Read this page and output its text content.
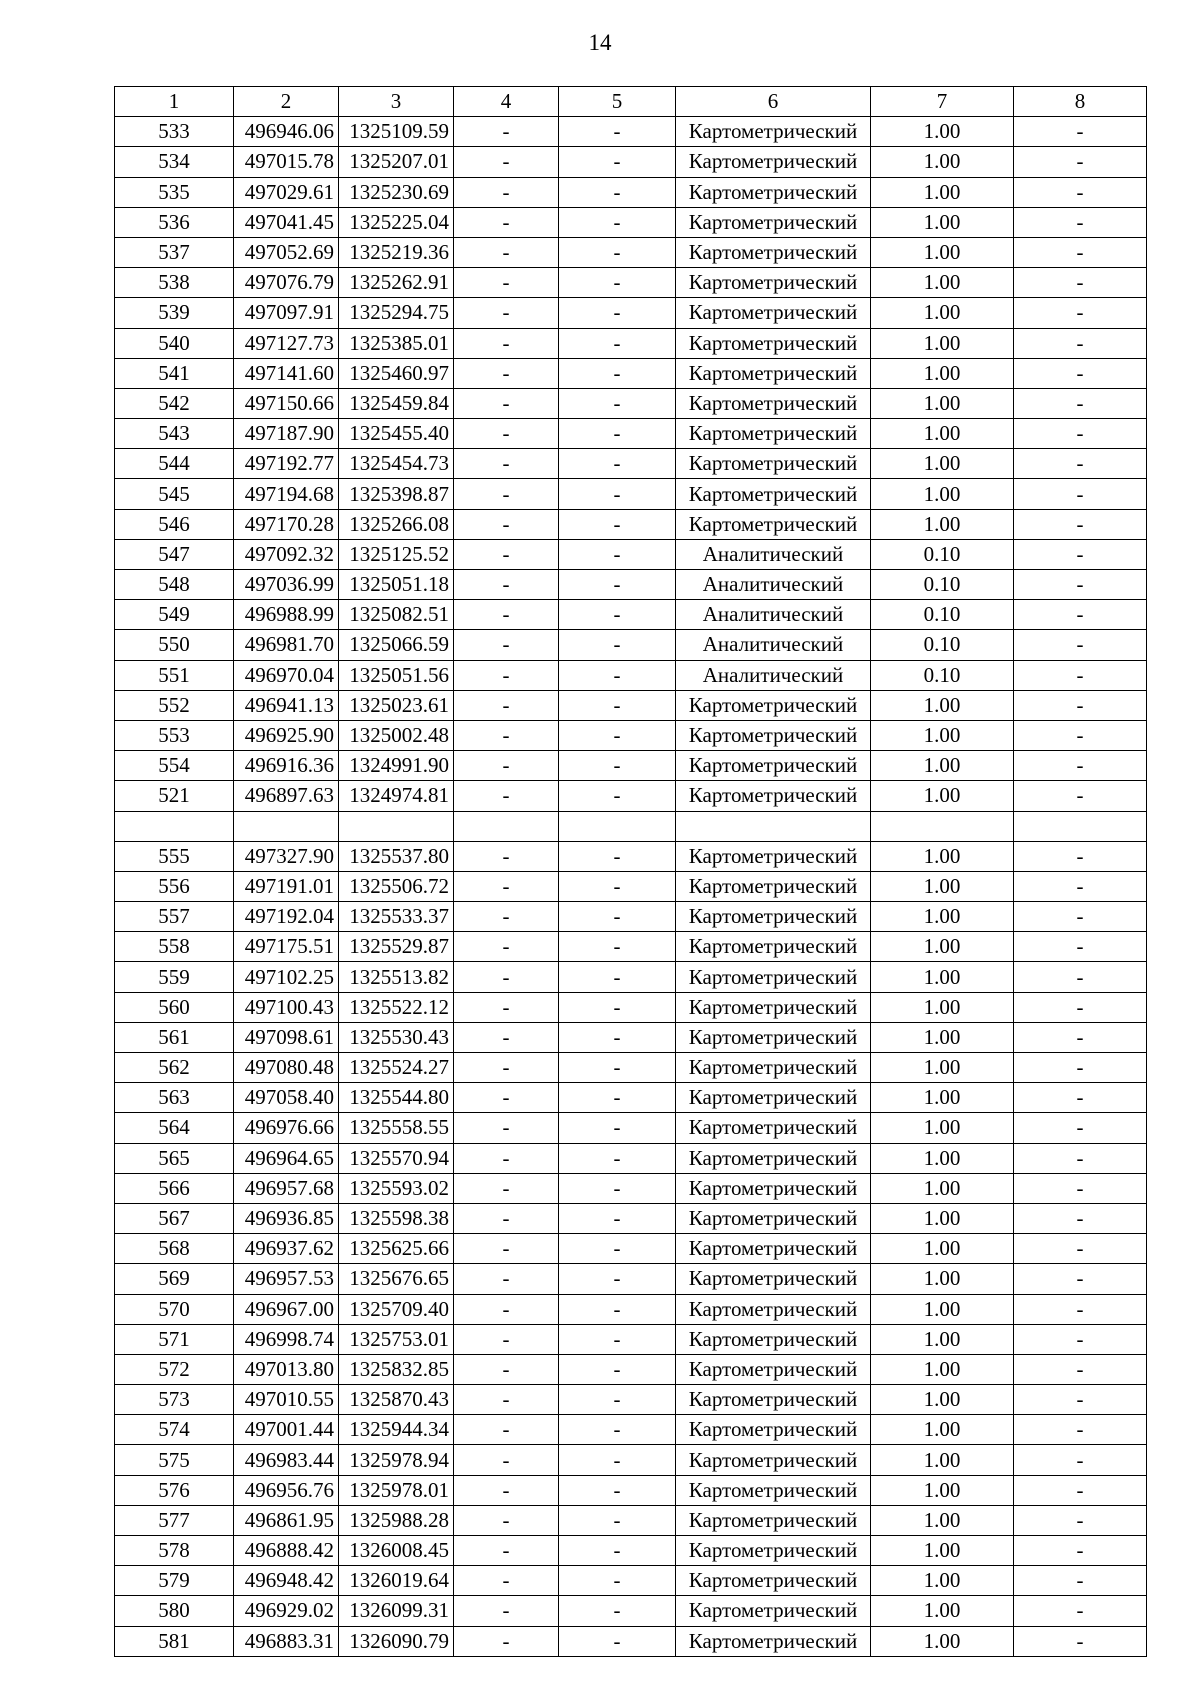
14
1	2	3	4	5	6	7	8
533	496946.06	1325109.59	-	-	Картометрический	1.00	-
534	497015.78	1325207.01	-	-	Картометрический	1.00	-
535	497029.61	1325230.69	-	-	Картометрический	1.00	-
536	497041.45	1325225.04	-	-	Картометрический	1.00	-
537	497052.69	1325219.36	-	-	Картометрический	1.00	-
538	497076.79	1325262.91	-	-	Картометрический	1.00	-
539	497097.91	1325294.75	-	-	Картометрический	1.00	-
540	497127.73	1325385.01	-	-	Картометрический	1.00	-
541	497141.60	1325460.97	-	-	Картометрический	1.00	-
542	497150.66	1325459.84	-	-	Картометрический	1.00	-
543	497187.90	1325455.40	-	-	Картометрический	1.00	-
544	497192.77	1325454.73	-	-	Картометрический	1.00	-
545	497194.68	1325398.87	-	-	Картометрический	1.00	-
546	497170.28	1325266.08	-	-	Картометрический	1.00	-
547	497092.32	1325125.52	-	-	Аналитический	0.10	-
548	497036.99	1325051.18	-	-	Аналитический	0.10	-
549	496988.99	1325082.51	-	-	Аналитический	0.10	-
550	496981.70	1325066.59	-	-	Аналитический	0.10	-
551	496970.04	1325051.56	-	-	Аналитический	0.10	-
552	496941.13	1325023.61	-	-	Картометрический	1.00	-
553	496925.90	1325002.48	-	-	Картометрический	1.00	-
554	496916.36	1324991.90	-	-	Картометрический	1.00	-
521	496897.63	1324974.81	-	-	Картометрический	1.00	-

555	497327.90	1325537.80	-	-	Картометрический	1.00	-
556	497191.01	1325506.72	-	-	Картометрический	1.00	-
557	497192.04	1325533.37	-	-	Картометрический	1.00	-
558	497175.51	1325529.87	-	-	Картометрический	1.00	-
559	497102.25	1325513.82	-	-	Картометрический	1.00	-
560	497100.43	1325522.12	-	-	Картометрический	1.00	-
561	497098.61	1325530.43	-	-	Картометрический	1.00	-
562	497080.48	1325524.27	-	-	Картометрический	1.00	-
563	497058.40	1325544.80	-	-	Картометрический	1.00	-
564	496976.66	1325558.55	-	-	Картометрический	1.00	-
565	496964.65	1325570.94	-	-	Картометрический	1.00	-
566	496957.68	1325593.02	-	-	Картометрический	1.00	-
567	496936.85	1325598.38	-	-	Картометрический	1.00	-
568	496937.62	1325625.66	-	-	Картометрический	1.00	-
569	496957.53	1325676.65	-	-	Картометрический	1.00	-
570	496967.00	1325709.40	-	-	Картометрический	1.00	-
571	496998.74	1325753.01	-	-	Картометрический	1.00	-
572	497013.80	1325832.85	-	-	Картометрический	1.00	-
573	497010.55	1325870.43	-	-	Картометрический	1.00	-
574	497001.44	1325944.34	-	-	Картометрический	1.00	-
575	496983.44	1325978.94	-	-	Картометрический	1.00	-
576	496956.76	1325978.01	-	-	Картометрический	1.00	-
577	496861.95	1325988.28	-	-	Картометрический	1.00	-
578	496888.42	1326008.45	-	-	Картометрический	1.00	-
579	496948.42	1326019.64	-	-	Картометрический	1.00	-
580	496929.02	1326099.31	-	-	Картометрический	1.00	-
581	496883.31	1326090.79	-	-	Картометрический	1.00	-
